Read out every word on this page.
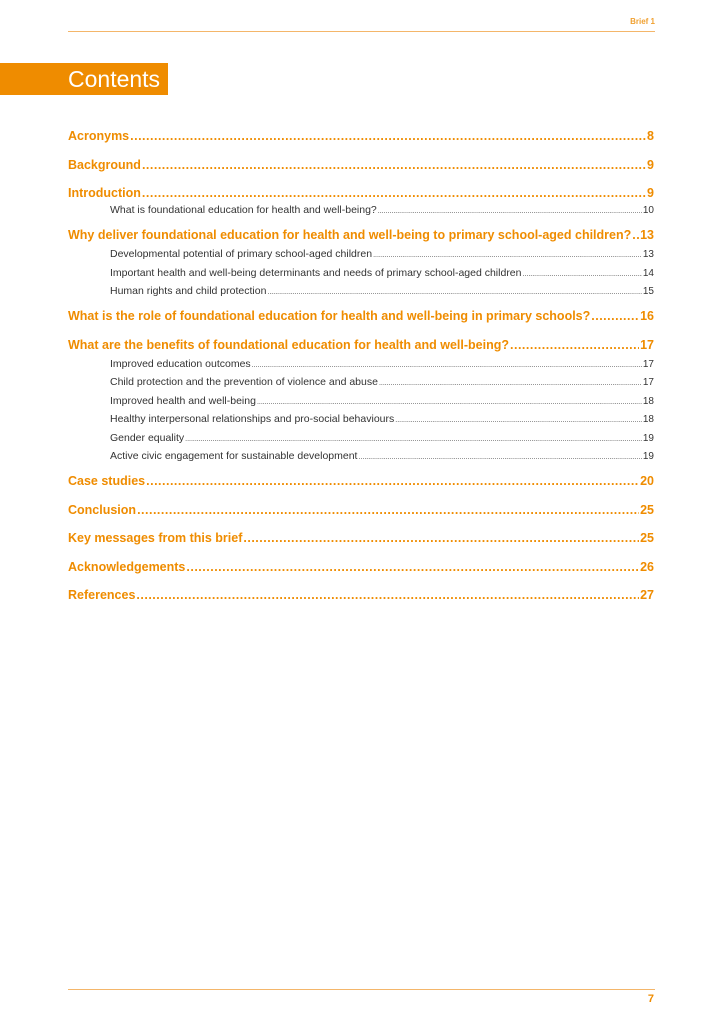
Brief 1
Contents
Acronyms .....	8
Background .....	9
Introduction .....	9
What is foundational education for health and well-being? .....	10
Why deliver foundational education for health and well-being to primary school-aged children? ..... 13
Developmental potential of primary school-aged children .....	13
Important health and well-being determinants and needs of primary school-aged children .....	14
Human rights and child protection .....	15
What is the role of foundational education for health and well-being in primary schools? .....	16
What are the benefits of foundational education for health and well-being? .....	17
Improved education outcomes .....	17
Child protection and the prevention of violence and abuse .....	17
Improved health and well-being .....	18
Healthy interpersonal relationships and pro-social behaviours .....	18
Gender equality .....	19
Active civic engagement for sustainable development .....	19
Case studies .....	20
Conclusion .....	25
Key messages from this brief .....	25
Acknowledgements .....	26
References .....	27
7
